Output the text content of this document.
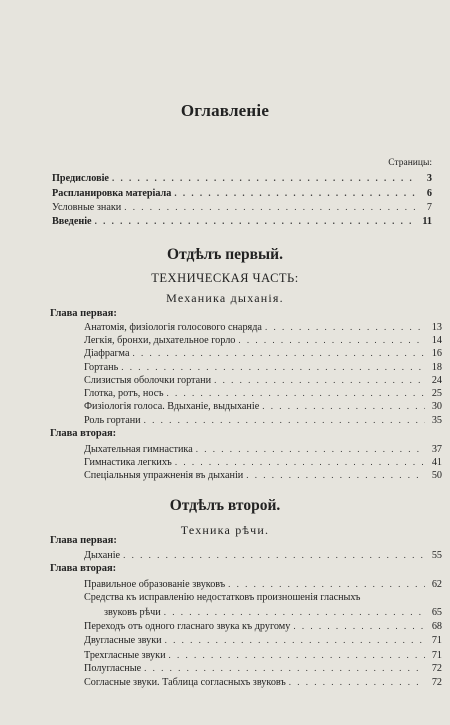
Оглавленіе
Страницы:
Предисловіе . . .	3
Распланировка матеріала . . .	6
Условные знаки . . .	7
Введеніе . . .	11
Отдѣлъ первый.
ТЕХНИЧЕСКАЯ ЧАСТЬ:
Механика дыханія.
Глава первая:
Анатомія, физіологія голосового снаряда . . .	13
Легкія, бронхи, дыхательное горло . . .	14
Діафрагма . . .	16
Гортань . . .	18
Слизистыя оболочки гортани . . .	24
Глотка, ротъ, носъ . . .	25
Физіологія голоса. Вдыханіе, выдыханіе . . .	30
Роль гортани . . .	35
Глава вторая:
Дыхательная гимнастика . . .	37
Гимнастика легкихъ . . .	41
Спеціальныя упражненія въ дыханіи . . .	50
Отдѣлъ второй.
Техника рѣчи.
Глава первая:
Дыханіе . . .	55
Глава вторая:
Правильное образованіе звуковъ . . .	62
Средства къ исправленію недостатковъ произношенія гласныхъ
звуковъ рѣчи . . .	65
Переходъ отъ одного гласнаго звука къ другому . . .	68
Двугласные звуки . . .	71
Трехгласные звуки . . .	71
Полугласные . . .	72
Согласные звуки. Таблица согласныхъ звуковъ . . .	72
